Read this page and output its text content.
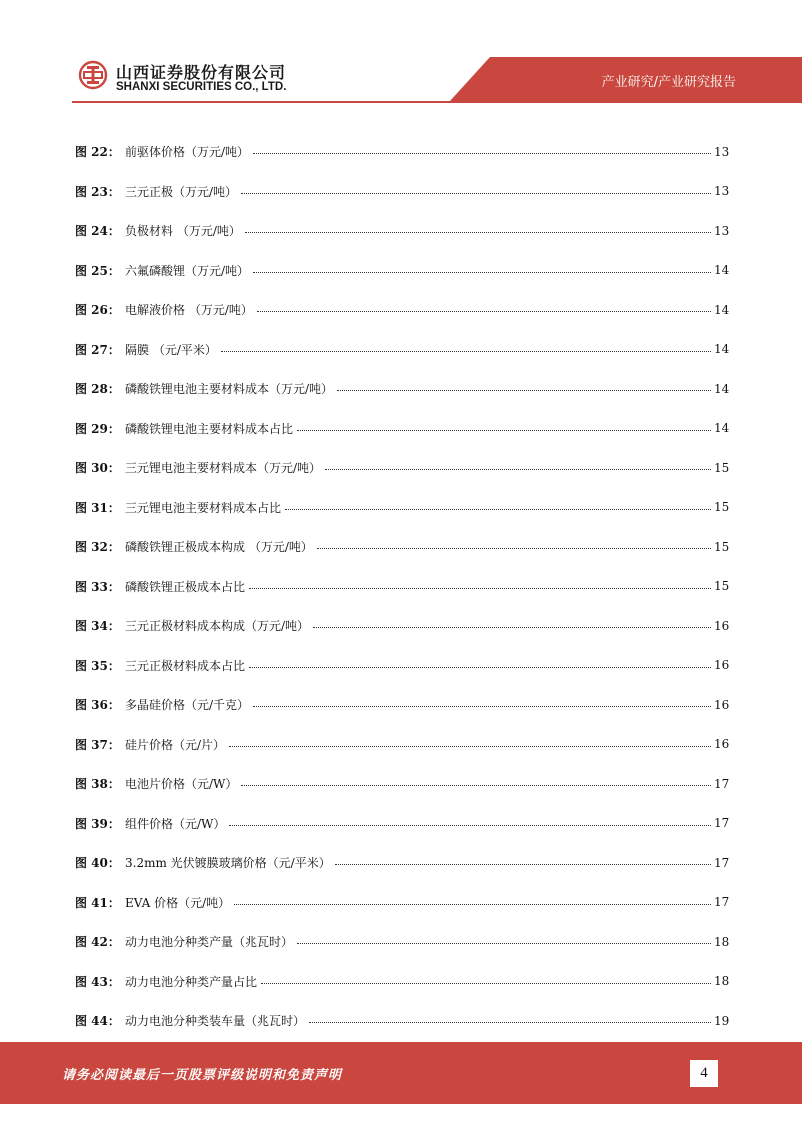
山西证券股份有限公司
SHANXI SECURITIES CO., LTD.	产业研究/产业研究报告
图 22： 前驱体价格（万元/吨）	13
图 23： 三元正极（万元/吨）	13
图 24： 负极材料 （万元/吨）	13
图 25： 六氟磷酸锂（万元/吨）	14
图 26： 电解液价格 （万元/吨）	14
图 27： 隔膜 （元/平米）	14
图 28： 磷酸铁锂电池主要材料成本（万元/吨）	14
图 29： 磷酸铁锂电池主要材料成本占比	14
图 30： 三元锂电池主要材料成本（万元/吨）	15
图 31： 三元锂电池主要材料成本占比	15
图 32： 磷酸铁锂正极成本构成 （万元/吨）	15
图 33： 磷酸铁锂正极成本占比	15
图 34： 三元正极材料成本构成（万元/吨）	16
图 35： 三元正极材料成本占比	16
图 36： 多晶硅价格（元/千克）	16
图 37： 硅片价格（元/片）	16
图 38： 电池片价格（元/W）	17
图 39： 组件价格（元/W）	17
图 40： 3.2mm 光伏镀膜玻璃价格（元/平米）	17
图 41： EVA 价格（元/吨）	17
图 42： 动力电池分种类产量（兆瓦时）	18
图 43： 动力电池分种类产量占比	18
图 44： 动力电池分种类装车量（兆瓦时）	19
请务必阅读最后一页股票评级说明和免责声明	4
